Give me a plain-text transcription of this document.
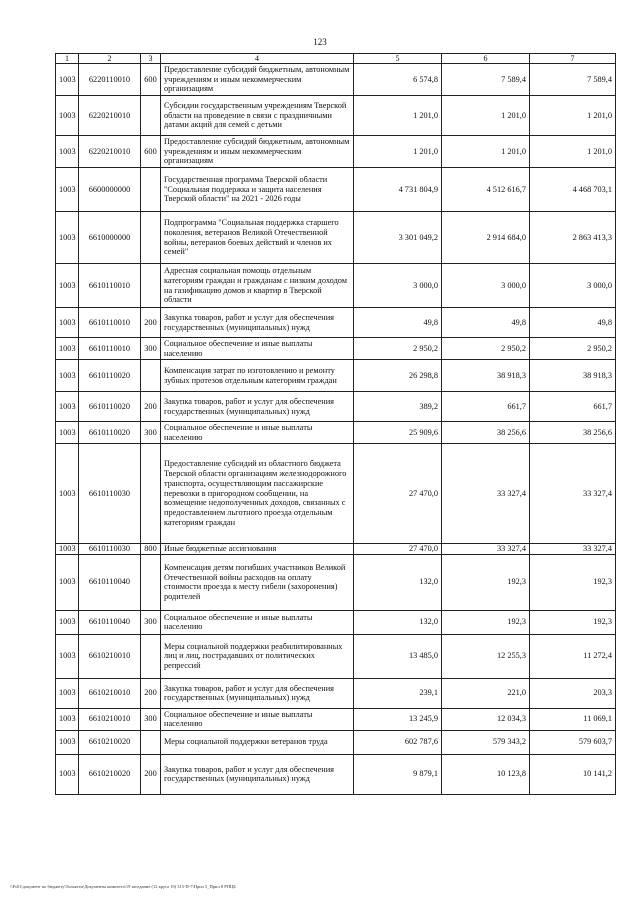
123
1	2	3	4	5	6	7
1003	6220110010	600	Предоставление субсидий бюджетным, автономным учреждениям и иным некоммерческим организациям	6 574,8	7 589,4	7 589,4
1003	6220210010		Субсидии государственным учреждениям Тверской области на проведение в связи с праздничными датами акций для семей с детьми	1 201,0	1 201,0	1 201,0
1003	6220210010	600	Предоставление субсидий бюджетным, автономным учреждениям и иным некоммерческим организациям	1 201,0	1 201,0	1 201,0
1003	6600000000		Государственная программа Тверской области "Социальная поддержка и защита населения Тверской области" на 2021 - 2026 годы	4 731 804,9	4 512 616,7	4 468 703,1
1003	6610000000		Подпрограмма "Социальная поддержка старшего поколения, ветеранов Великой Отечественной войны, ветеранов боевых действий и членов их семей"	3 301 049,2	2 914 684,0	2 863 413,3
1003	6610110010		Адресная социальная помощь отдельным категориям граждан и гражданам с низким доходом на газификацию домов и квартир в Тверской области	3 000,0	3 000,0	3 000,0
1003	6610110010	200	Закупка товаров, работ и услуг для обеспечения государственных (муниципальных) нужд	49,8	49,8	49,8
1003	6610110010	300	Социальное обеспечение и иные выплаты населению	2 950,2	2 950,2	2 950,2
1003	6610110020		Компенсация затрат по изготовлению и ремонту зубных протезов отдельным категориям граждан	26 298,8	38 918,3	38 918,3
1003	6610110020	200	Закупка товаров, работ и услуг для обеспечения государственных (муниципальных) нужд	389,2	661,7	661,7
1003	6610110020	300	Социальное обеспечение и иные выплаты населению	25 909,6	38 256,6	38 256,6
1003	6610110030		Предоставление субсидий из областного бюджета Тверской области организациям железнодорожного транспорта, осуществляющим пассажирские перевозки в пригородном сообщении, на возмещение недополученных доходов, связанных с предоставлением льготного проезда отдельным категориям граждан	27 470,0	33 327,4	33 327,4
1003	6610110030	800	Иные бюджетные ассигнования	27 470,0	33 327,4	33 327,4
1003	6610110040		Компенсация детям погибших участников Великой Отечественной войны расходов на оплату стоимости проезда к месту гибели (захоронения) родителей	132,0	192,3	192,3
1003	6610110040	300	Социальное обеспечение и иные выплаты населению	132,0	192,3	192,3
1003	6610210010		Меры социальной поддержки реабилитированных лиц и лиц, пострадавших от политических репрессий	13 485,0	12 255,3	11 272,4
1003	6610210010	200	Закупка товаров, работ и услуг для обеспечения государственных (муниципальных) нужд	239,1	221,0	203,3
1003	6610210010	300	Социальное обеспечение и иные выплаты населению	13 245,9	12 034,3	11 069,1
1003	6610210020		Меры социальной поддержки ветеранов труда	602 787,6	579 343,2	579 603,7
1003	6610210020	200	Закупка товаров, работ и услуг для обеспечения государственных (муниципальных) нужд	9 879,1	10 123,8	10 141,2
\\Fs01\документ по бюджету\Тольятти\Документы комитета\19 заседание (12 круга 19) 315-П-7\Прил 5_Прил 8 РПЦБ
